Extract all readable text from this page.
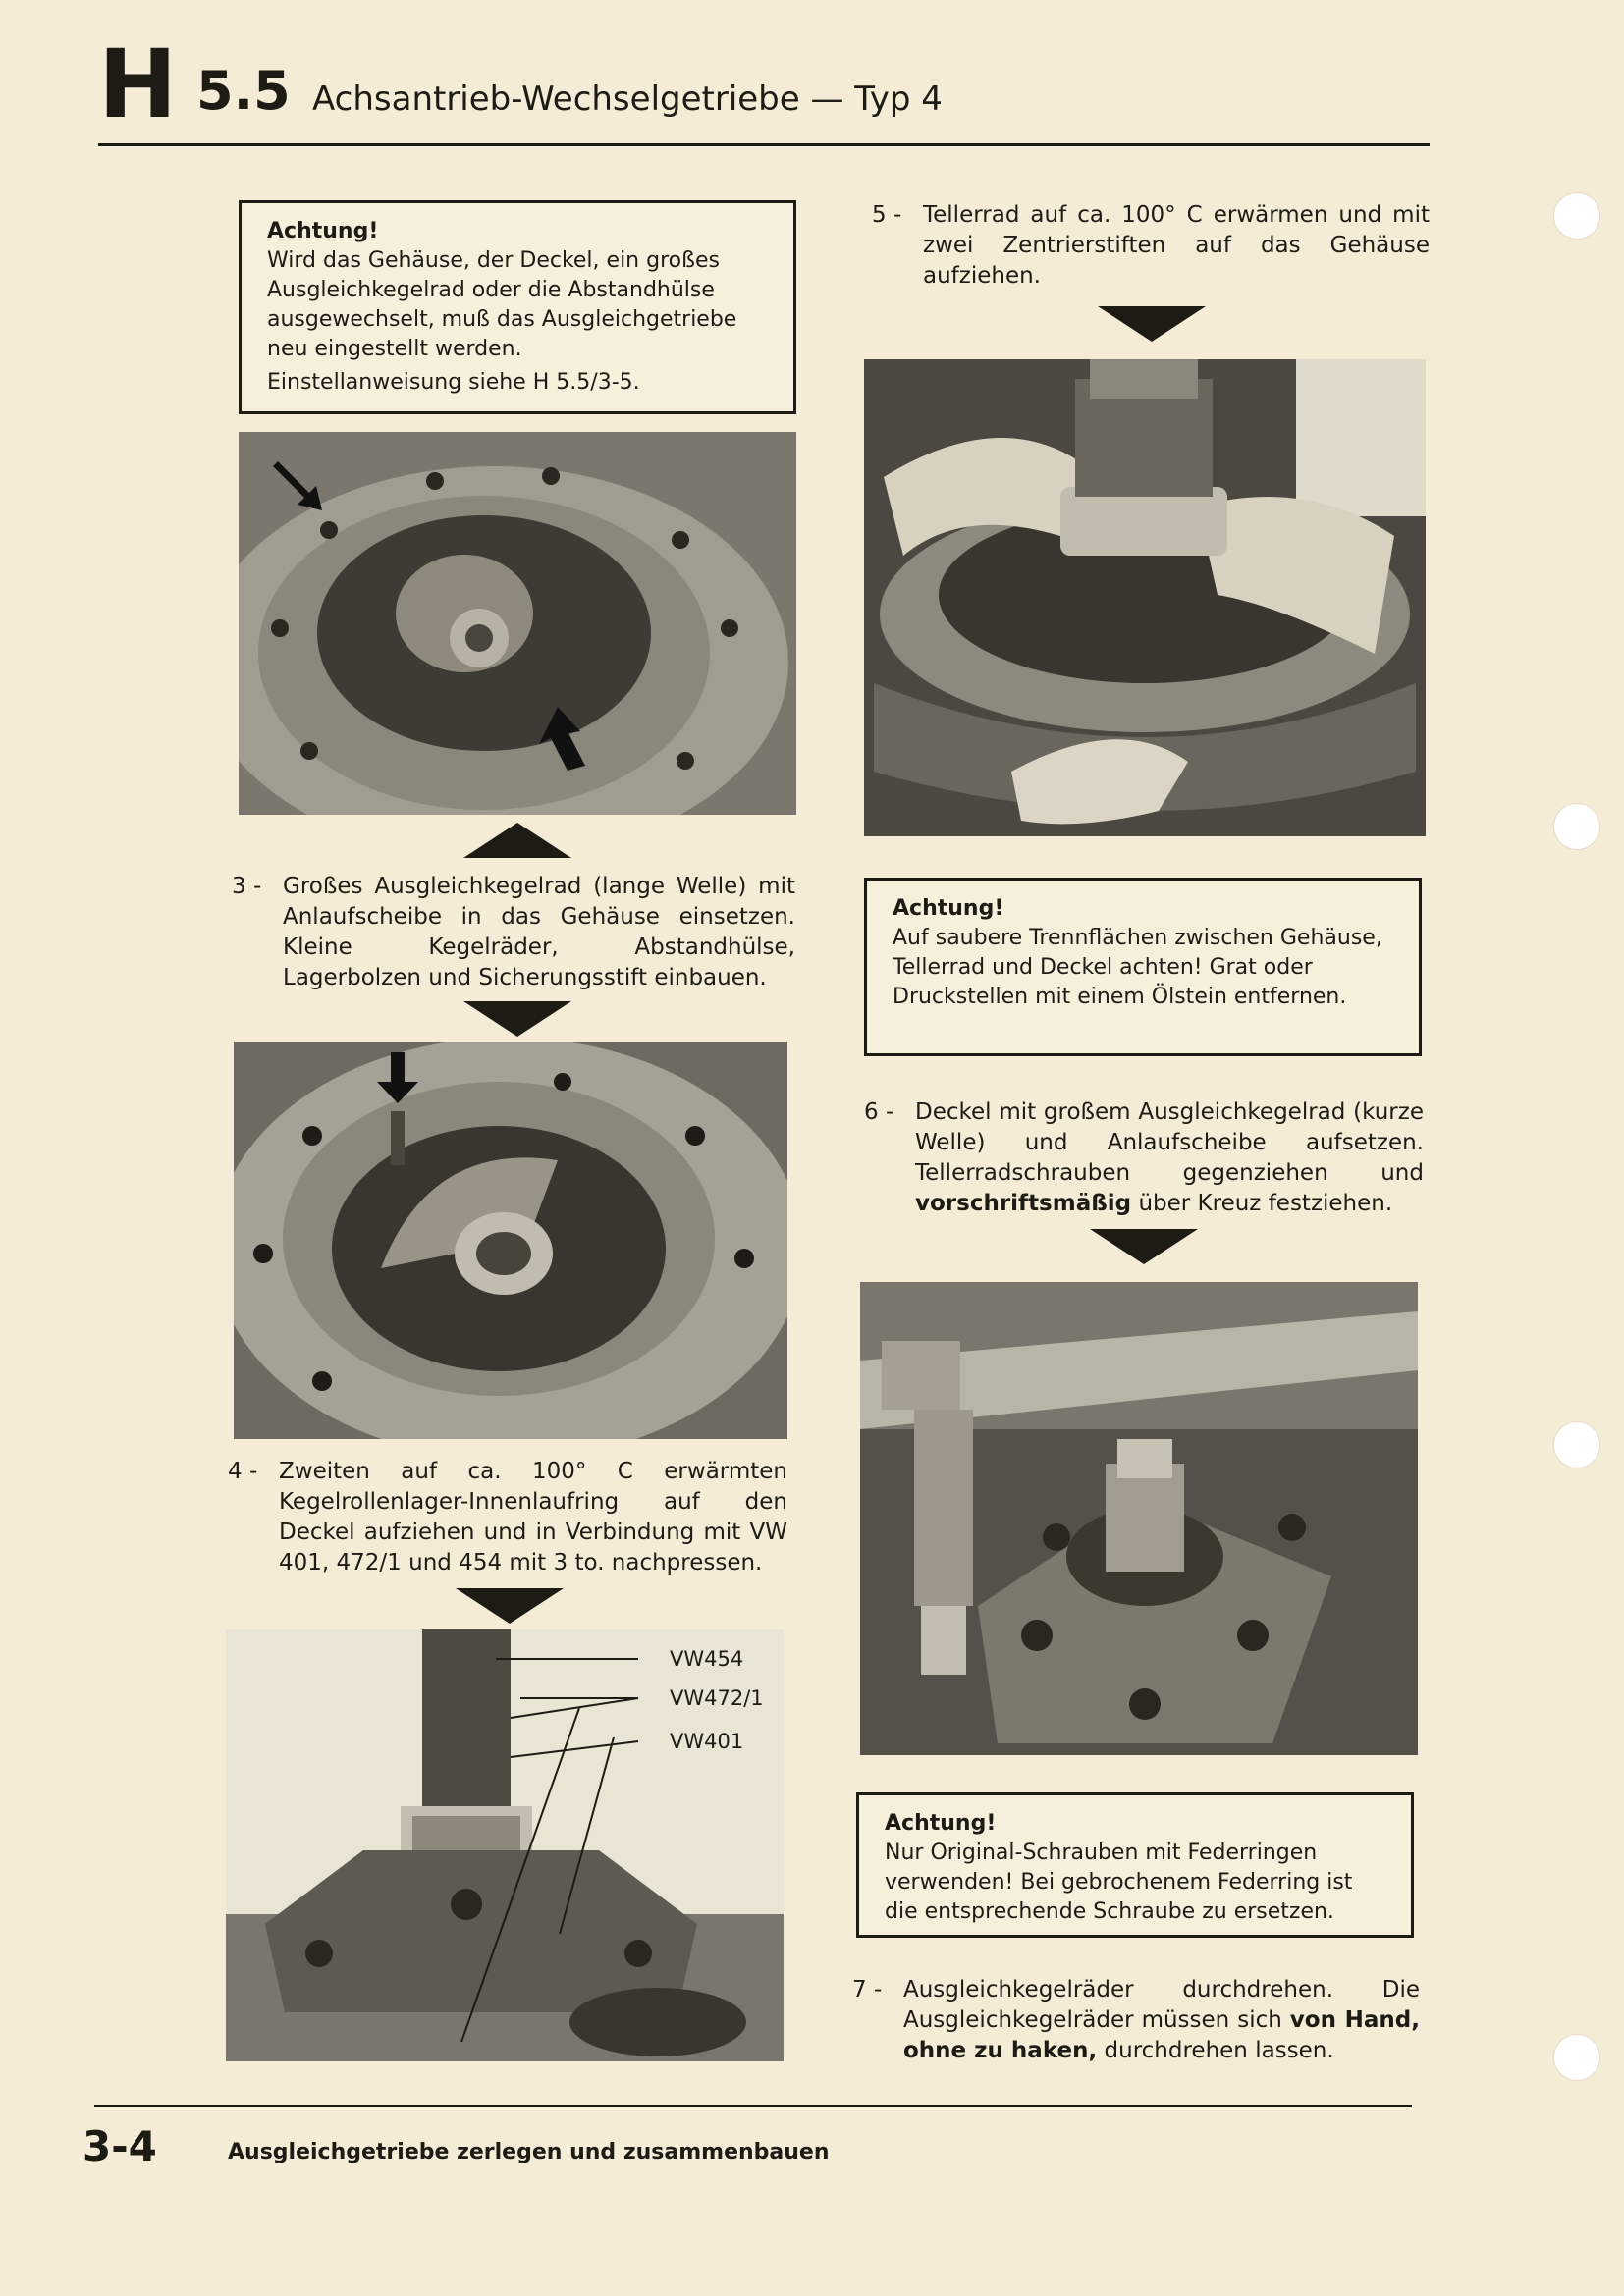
H 5.5 Achsantrieb-Wechselgetriebe — Typ 4
Achtung!

Wird das Gehäuse, der Deckel, ein großes Ausgleichkegelrad oder die Abstandhülse ausgewechselt, muß das Ausgleichgetriebe neu eingestellt werden.

Einstellanweisung siehe H 5.5/3-5.

3 - Großes Ausgleichkegelrad (lange Welle) mit Anlaufscheibe in das Gehäuse einsetzen. Kleine Kegelräder, Abstandhülse, Lagerbolzen und Sicherungsstift einbauen.
4 - Zweiten auf ca. 100° C erwärmten Kegelrollenlager-Innenlaufring auf den Deckel aufziehen und in Verbindung mit VW 401, 472/1 und 454 mit 3 to. nachpressen.
VW454
VW472/1
VW401
5 - Tellerrad auf ca. 100° C erwärmen und mit zwei Zentrierstiften auf das Gehäuse aufziehen.
Achtung!

Auf saubere Trennflächen zwischen Gehäuse, Tellerrad und Deckel achten! Grat oder Druckstellen mit einem Ölstein entfernen.

6 - Deckel mit großem Ausgleichkegelrad (kurze Welle) und Anlaufscheibe aufsetzen. Tellerradschrauben gegenziehen und vorschriftsmäßig über Kreuz festziehen.
Achtung!

Nur Original-Schrauben mit Federringen verwenden! Bei gebrochenem Federring ist die entsprechende Schraube zu ersetzen.

7 - Ausgleichkegelräder durchdrehen. Die Ausgleichkegelräder müssen sich von Hand, ohne zu haken, durchdrehen lassen.
3-4	Ausgleichgetriebe zerlegen und zusammenbauen
